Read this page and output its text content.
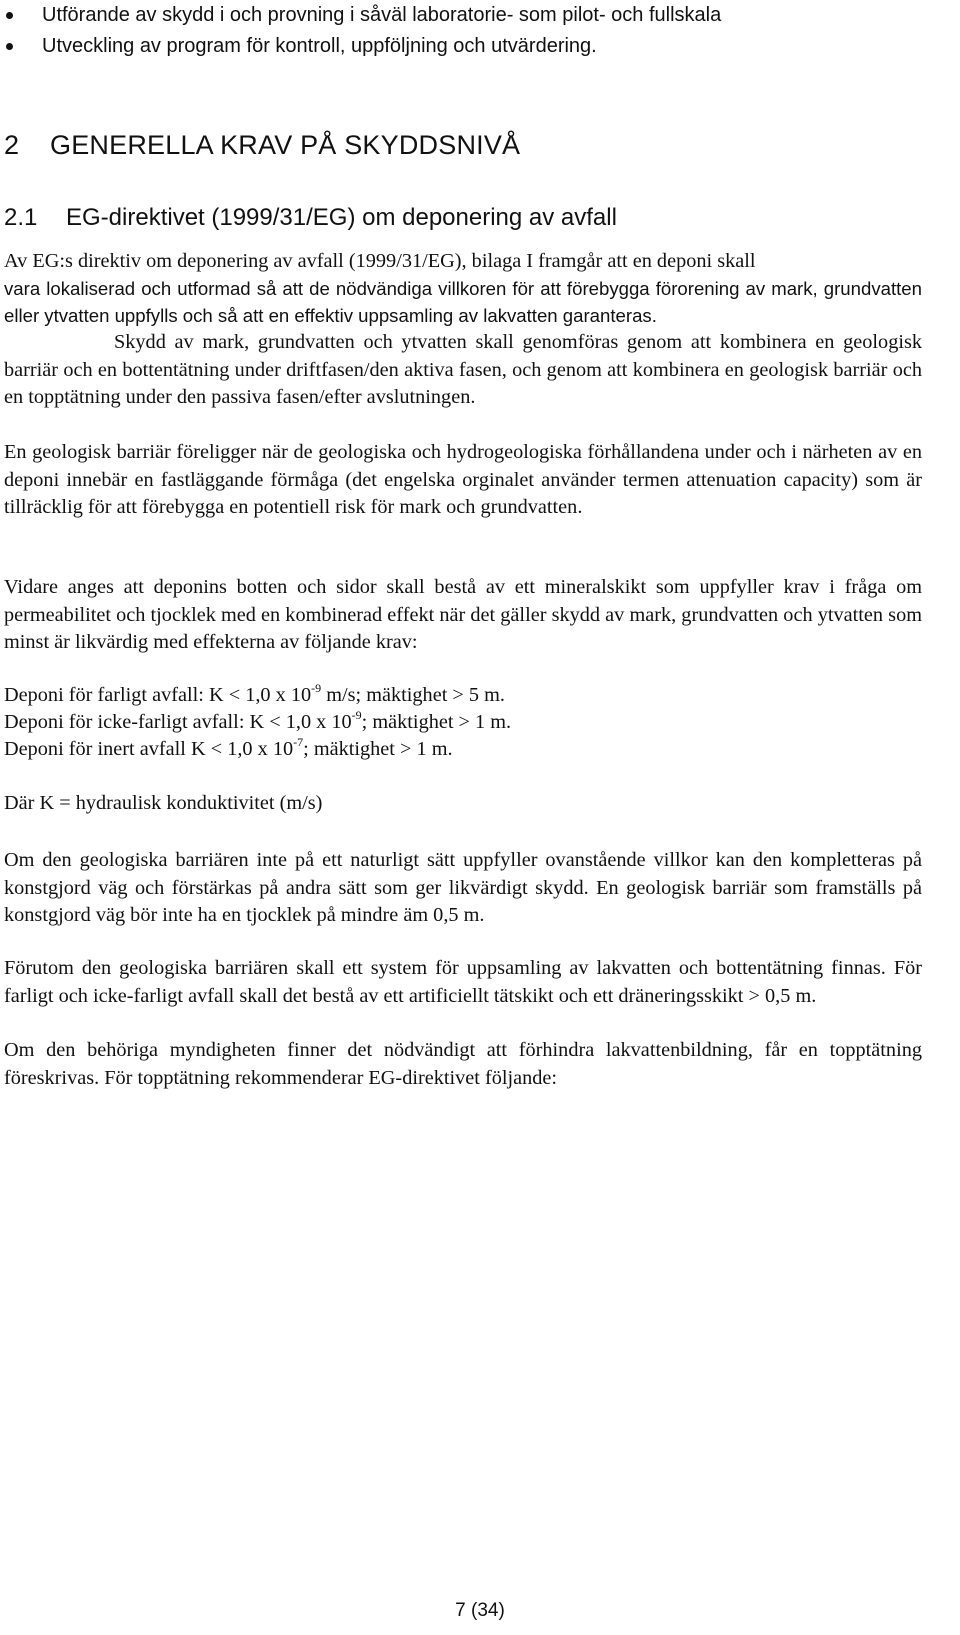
Utförande av skydd i och provning i såväl laboratorie- som pilot- och fullskala
Utveckling av program för kontroll, uppföljning och utvärdering.
2 GENERELLA KRAV PÅ SKYDDSNIVÅ
2.1 EG-direktivet (1999/31/EG) om deponering av avfall

Av EG:s direktiv om deponering av avfall (1999/31/EG), bilaga I framgår att en deponi skall

vara lokaliserad och utformad så att de nödvändiga villkoren för att förebygga förorening av mark, grundvatten eller ytvatten uppfylls och så att en effektiv uppsamling av lakvatten garanteras.

Skydd av mark, grundvatten och ytvatten skall genomföras genom att kombinera en geologisk barriär och en bottentätning under driftfasen/den aktiva fasen, och genom att kombinera en geologisk barriär och en topptätning under den passiva fasen/efter avslutningen.

En geologisk barriär föreligger när de geologiska och hydrogeologiska förhållandena under och i närheten av en deponi innebär en fastläggande förmåga (det engelska orginalet använder termen attenuation capacity) som är tillräcklig för att förebygga en potentiell risk för mark och grundvatten.

Vidare anges att deponins botten och sidor skall bestå av ett mineralskikt som uppfyller krav i fråga om permeabilitet och tjocklek med en kombinerad effekt när det gäller skydd av mark, grundvatten och ytvatten som minst är likvärdig med effekterna av följande krav:

Deponi för farligt avfall: K < 1,0 x $10^{-9}$ m/s; mäktighet > 5 m.

Deponi för icke-farligt avfall: K < 1,0 x $10^{-9}$; mäktighet > 1 m.

Deponi för inert avfall K < 1,0 x $10^{-7}$; mäktighet > 1 m.

Där K = hydraulisk konduktivitet (m/s)

Om den geologiska barriären inte på ett naturligt sätt uppfyller ovanstående villkor kan den kompletteras på konstgjord väg och förstärkas på andra sätt som ger likvärdigt skydd. En geologisk barriär som framställs på konstgjord väg bör inte ha en tjocklek på mindre äm 0,5 m.

Förutom den geologiska barriären skall ett system för uppsamling av lakvatten och bottentätning finnas. För farligt och icke-farligt avfall skall det bestå av ett artificiellt tätskikt och ett dräneringsskikt > 0,5 m.

Om den behöriga myndigheten finner det nödvändigt att förhindra lakvattenbildning, får en topptätning föreskrivas. För topptätning rekommenderar EG-direktivet följande:

7 (34)
